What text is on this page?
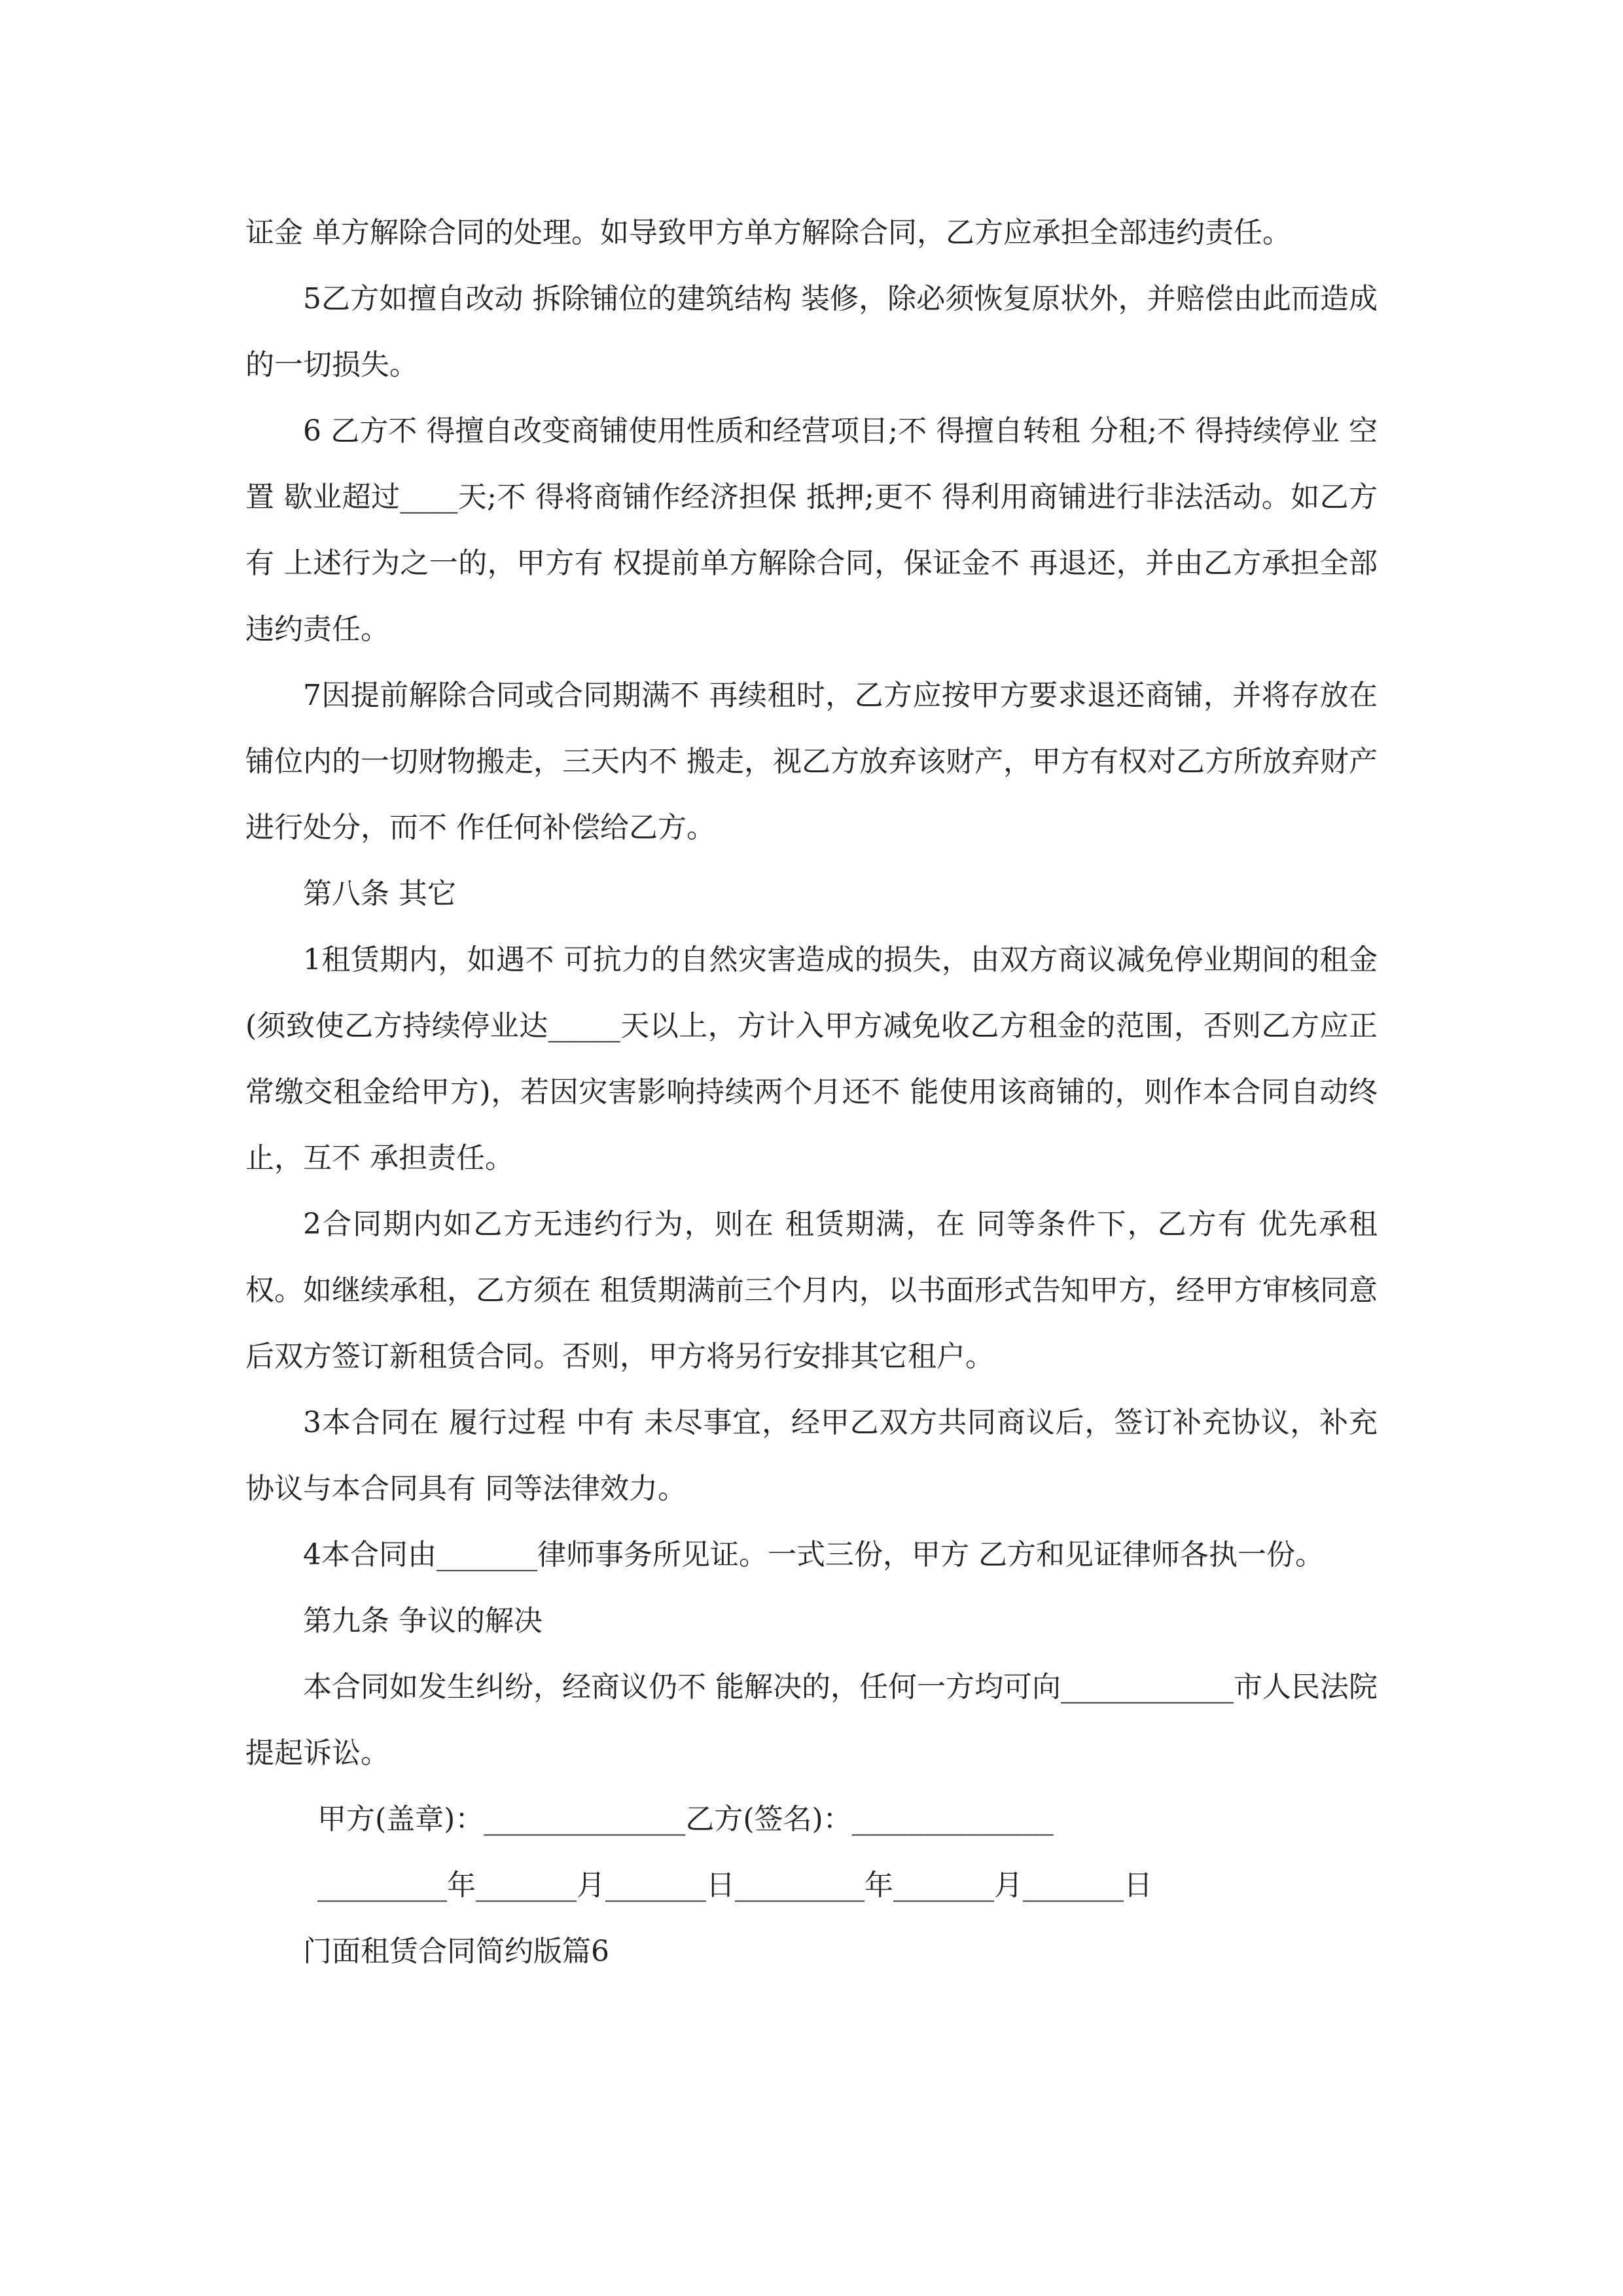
证金 单方解除合同的处理。如导致甲方单方解除合同，乙方应承担全部违约责任。

5乙方如擅自改动 拆除铺位的建筑结构 装修，除必须恢复原状外，并赔偿由此而造成的一切损失。

6 乙方不 得擅自改变商铺使用性质和经营项目;不 得擅自转租 分租;不 得持续停业 空置 歇业超过____天;不 得将商铺作经济担保 抵押;更不 得利用商铺进行非法活动。如乙方有 上述行为之一的，甲方有 权提前单方解除合同，保证金不 再退还，并由乙方承担全部违约责任。

7因提前解除合同或合同期满不 再续租时，乙方应按甲方要求退还商铺，并将存放在 铺位内的一切财物搬走，三天内不 搬走，视乙方放弃该财产，甲方有权对乙方所放弃财产进行处分，而不 作任何补偿给乙方。

第八条 其它

1租赁期内，如遇不 可抗力的自然灾害造成的损失，由双方商议减免停业期间的租金(须致使乙方持续停业达_____天以上，方计入甲方减免收乙方租金的范围，否则乙方应正常缴交租金给甲方)，若因灾害影响持续两个月还不 能使用该商铺的，则作本合同自动终止，互不 承担责任。

2合同期内如乙方无违约行为，则在 租赁期满，在 同等条件下，乙方有 优先承租权。如继续承租，乙方须在 租赁期满前三个月内，以书面形式告知甲方，经甲方审核同意后双方签订新租赁合同。否则，甲方将另行安排其它租户。

3本合同在 履行过程 中有 未尽事宜，经甲乙双方共同商议后，签订补充协议，补充协议与本合同具有 同等法律效力。

4本合同由_______律师事务所见证。一式三份，甲方 乙方和见证律师各执一份。

第九条 争议的解决

本合同如发生纠纷，经商议仍不 能解决的，任何一方均可向____________市人民法院提起诉讼。

甲方(盖章)： ______________ 乙方(签名)： ______________
_________ 年 _______ 月 _______ 日 _________ 年 _______ 月 _______ 日

门面租赁合同简约版篇6
